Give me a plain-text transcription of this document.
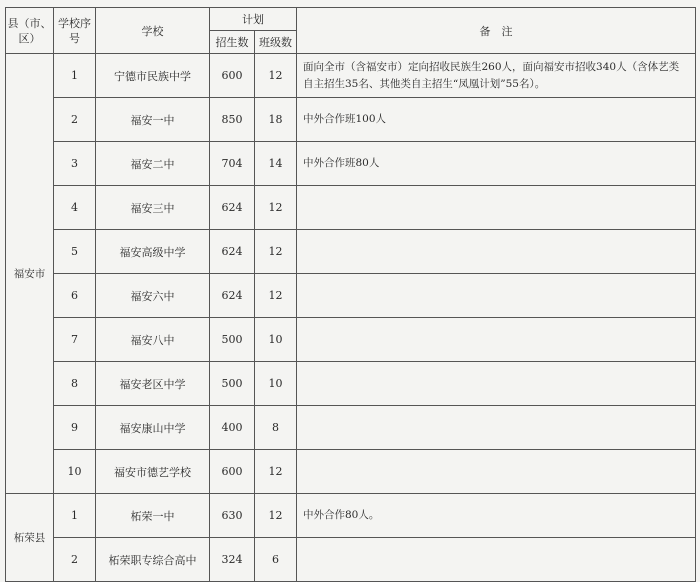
县（市、区）	学校序号	学校	计划		备　注
			招生数	班级数	
福安市	1	宁德市民族中学	600	12	面向全市（含福安市）定向招收民族生260人，面向福安市招收340人（含体艺类自主招生35名、其他类自主招生“凤凰计划”55名）。
	2	福安一中	850	18	中外合作班100人
	3	福安二中	704	14	中外合作班80人
	4	福安三中	624	12	
	5	福安高级中学	624	12	
	6	福安六中	624	12	
	7	福安八中	500	10	
	8	福安老区中学	500	10	
	9	福安康山中学	400	8	
	10	福安市德艺学校	600	12	
柘荣县	1	柘荣一中	630	12	中外合作80人。
	2	柘荣职专综合高中	324	6	
